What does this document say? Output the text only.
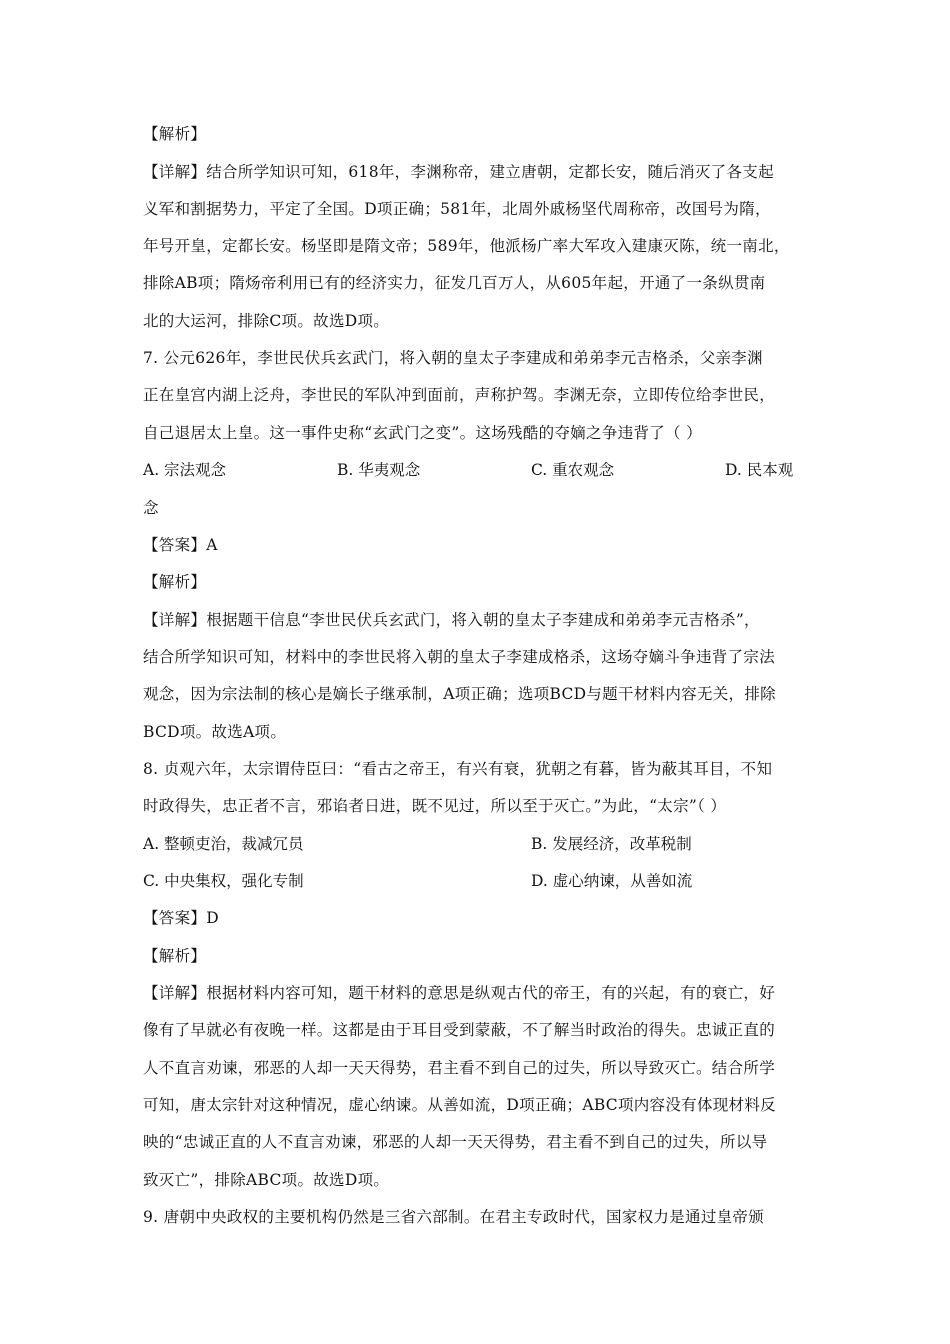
【解析】
【详解】结合所学知识可知，618年，李渊称帝，建立唐朝，定都长安，随后消灭了各支起
义军和割据势力，平定了全国。D项正确；581年，北周外戚杨坚代周称帝，改国号为隋，
年号开皇，定都长安。杨坚即是隋文帝；589年，他派杨广率大军攻入建康灭陈，统一南北，
排除AB项；隋炀帝利用已有的经济实力，征发几百万人，从605年起，开通了一条纵贯南
北的大运河，排除C项。故选D项。
7. 公元626年，李世民伏兵玄武门，将入朝的皇太子李建成和弟弟李元吉格杀，父亲李渊
正在皇宫内湖上泛舟，李世民的军队冲到面前，声称护驾。李渊无奈，立即传位给李世民，
自己退居太上皇。这一事件史称“玄武门之变”。这场残酷的夺嫡之争违背了（ ）
A. 宗法观念	B. 华夷观念	C. 重农观念	D. 民本观
念
【答案】A
【解析】
【详解】根据题干信息“李世民伏兵玄武门，将入朝的皇太子李建成和弟弟李元吉格杀”，
结合所学知识可知，材料中的李世民将入朝的皇太子李建成格杀，这场夺嫡斗争违背了宗法
观念，因为宗法制的核心是嫡长子继承制，A项正确；选项BCD与题干材料内容无关，排除
BCD项。故选A项。
8. 贞观六年，太宗谓侍臣曰：“看古之帝王，有兴有衰，犹朝之有暮，皆为蔽其耳目，不知
时政得失，忠正者不言，邪谄者日进，既不见过，所以至于灭亡。”为此，“太宗”（ ）
A. 整顿吏治，裁减冗员	B. 发展经济，改革税制
C. 中央集权，强化专制	D. 虚心纳谏，从善如流
【答案】D
【解析】
【详解】根据材料内容可知，题干材料的意思是纵观古代的帝王，有的兴起，有的衰亡，好
像有了早就必有夜晚一样。这都是由于耳目受到蒙蔽，不了解当时政治的得失。忠诚正直的
人不直言劝谏，邪恶的人却一天天得势，君主看不到自己的过失，所以导致灭亡。结合所学
可知，唐太宗针对这种情况，虚心纳谏。从善如流，D项正确；ABC项内容没有体现材料反
映的“忠诚正直的人不直言劝谏，邪恶的人却一天天得势，君主看不到自己的过失，所以导
致灭亡”，排除ABC项。故选D项。
9. 唐朝中央政权的主要机构仍然是三省六部制。在君主专政时代，国家权力是通过皇帝颁
